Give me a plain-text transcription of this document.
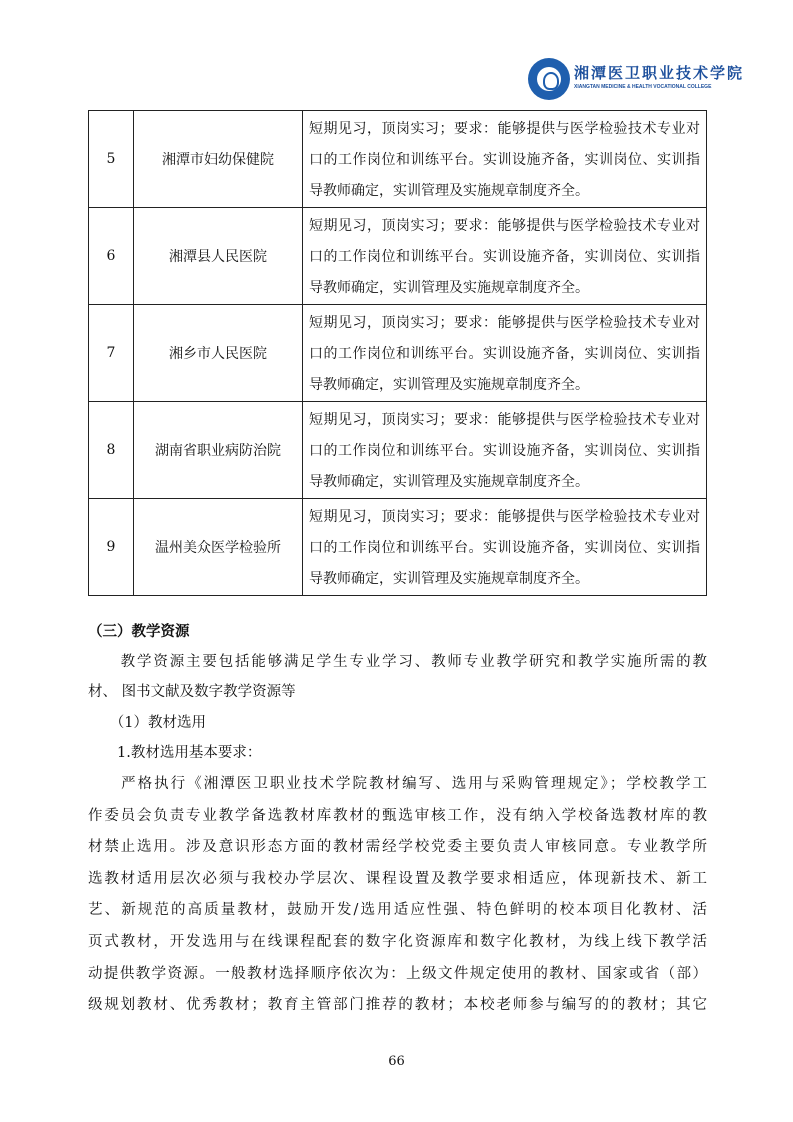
湘潭医卫职业技术学院
XIANGTAN MEDICINE & HEALTH VOCATIONAL COLLEGE
5	湘潭市妇幼保健院	短期见习，顶岗实习；要求：能够提供与医学检验技术专业对口的工作岗位和训练平台。实训设施齐备，实训岗位、实训指导教师确定，实训管理及实施规章制度齐全。
6	湘潭县人民医院	短期见习，顶岗实习；要求：能够提供与医学检验技术专业对口的工作岗位和训练平台。实训设施齐备，实训岗位、实训指导教师确定，实训管理及实施规章制度齐全。
7	湘乡市人民医院	短期见习，顶岗实习；要求：能够提供与医学检验技术专业对口的工作岗位和训练平台。实训设施齐备，实训岗位、实训指导教师确定，实训管理及实施规章制度齐全。
8	湖南省职业病防治院	短期见习，顶岗实习；要求：能够提供与医学检验技术专业对口的工作岗位和训练平台。实训设施齐备，实训岗位、实训指导教师确定，实训管理及实施规章制度齐全。
9	温州美众医学检验所	短期见习，顶岗实习；要求：能够提供与医学检验技术专业对口的工作岗位和训练平台。实训设施齐备，实训岗位、实训指导教师确定，实训管理及实施规章制度齐全。
（三）教学资源
　　教学资源主要包括能够满足学生专业学习、教师专业教学研究和教学实施所需的教
材、 图书文献及数字教学资源等
　　（1）教材选用
　　1.教材选用基本要求：
　　严格执行《湘潭医卫职业技术学院教材编写、选用与采购管理规定》；学校教学工
作委员会负责专业教学备选教材库教材的甄选审核工作，没有纳入学校备选教材库的教
材禁止选用。涉及意识形态方面的教材需经学校党委主要负责人审核同意。专业教学所
选教材适用层次必须与我校办学层次、课程设置及教学要求相适应，体现新技术、新工
艺、新规范的高质量教材，鼓励开发/选用适应性强、特色鲜明的校本项目化教材、活
页式教材，开发选用与在线课程配套的数字化资源库和数字化教材，为线上线下教学活
动提供教学资源。一般教材选择顺序依次为：上级文件规定使用的教材、国家或省（部）
级规划教材、优秀教材；教育主管部门推荐的教材；本校老师参与编写的的教材；其它
66
